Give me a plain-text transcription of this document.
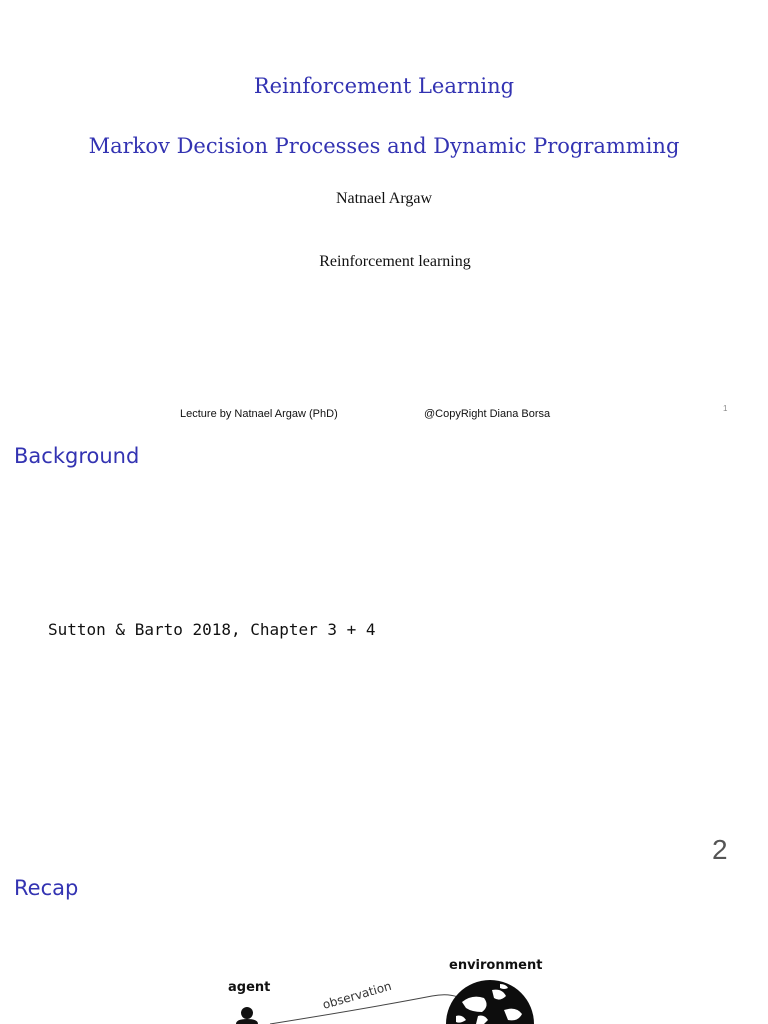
Reinforcement Learning
Markov Decision Processes and Dynamic Programming
Natnael Argaw
Reinforcement learning
Lecture by Natnael Argaw (PhD)	@CopyRight Diana Borsa	1
Background
Sutton & Barto 2018, Chapter 3 + 4
2
Recap
observation
agent
environment
